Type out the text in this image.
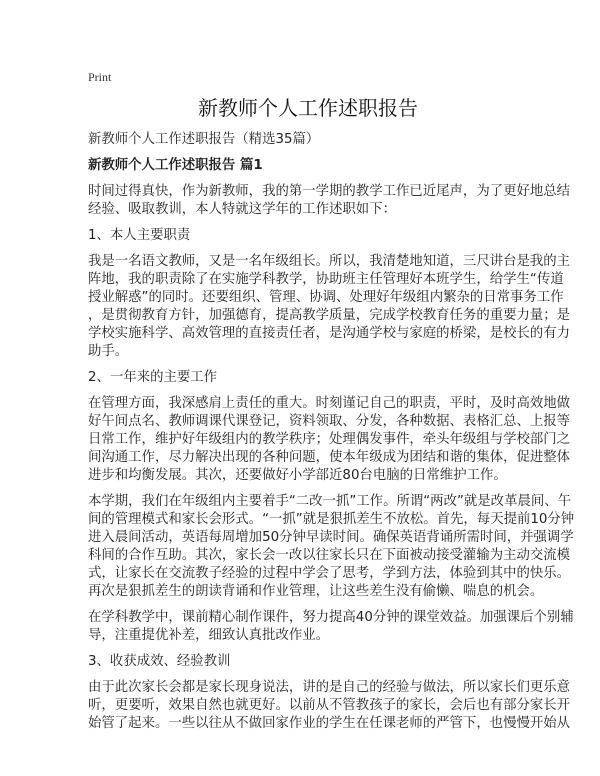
Print
新教师个人工作述职报告
新教师个人工作述职报告（精选35篇）
新教师个人工作述职报告 篇1
时间过得真快，作为新教师，我的第一学期的教学工作已近尾声，为了更好地总结
经验、吸取教训，本人特就这学年的工作述职如下：
1、本人主要职责
我是一名语文教师，又是一名年级组长。所以，我清楚地知道，三尺讲台是我的主
阵地，我的职责除了在实施学科教学，协助班主任管理好本班学生，给学生“传道
授业解惑”的同时。还要组织、管理、协调、处理好年级组内繁杂的日常事务工作
，是贯彻教育方针，加强德育，提高教学质量，完成学校教育任务的重要力量；是
学校实施科学、高效管理的直接责任者，是沟通学校与家庭的桥梁，是校长的有力
助手。
2、一年来的主要工作
在管理方面，我深感肩上责任的重大。时刻谨记自己的职责，平时，及时高效地做
好午间点名、教师调课代课登记，资料领取、分发，各种数据、表格汇总、上报等
日常工作，维护好年级组内的教学秩序；处理偶发事件，牵头年级组与学校部门之
间沟通工作，尽力解决出现的各种问题，使本年级成为团结和谐的集体，促进整体
进步和均衡发展。其次，还要做好小学部近80台电脑的日常维护工作。
本学期，我们在年级组内主要着手“二改一抓”工作。所谓“两改”就是改革晨间、午
间的管理模式和家长会形式。“一抓”就是狠抓差生不放松。首先，每天提前10分钟
进入晨间活动，英语每周增加50分钟早读时间。确保英语背诵所需时间，并强调学
科间的合作互助。其次，家长会一改以往家长只在下面被动接受灌输为主动交流模
式，让家长在交流教子经验的过程中学会了思考，学到方法，体验到其中的快乐。
再次是狠抓差生的朗读背诵和作业管理，让这些差生没有偷懒、喘息的机会。
在学科教学中，课前精心制作课件，努力提高40分钟的课堂效益。加强课后个别辅
导，注重提优补差，细致认真批改作业。
3、收获成效、经验教训
由于此次家长会都是家长现身说法，讲的是自己的经验与做法，所以家长们更乐意
听，更要听，效果自然也就更好。以前从不管教孩子的家长，会后也有部分家长开
始管了起来。一些以往从不做回家作业的学生在任课老师的严管下，也慢慢开始从
